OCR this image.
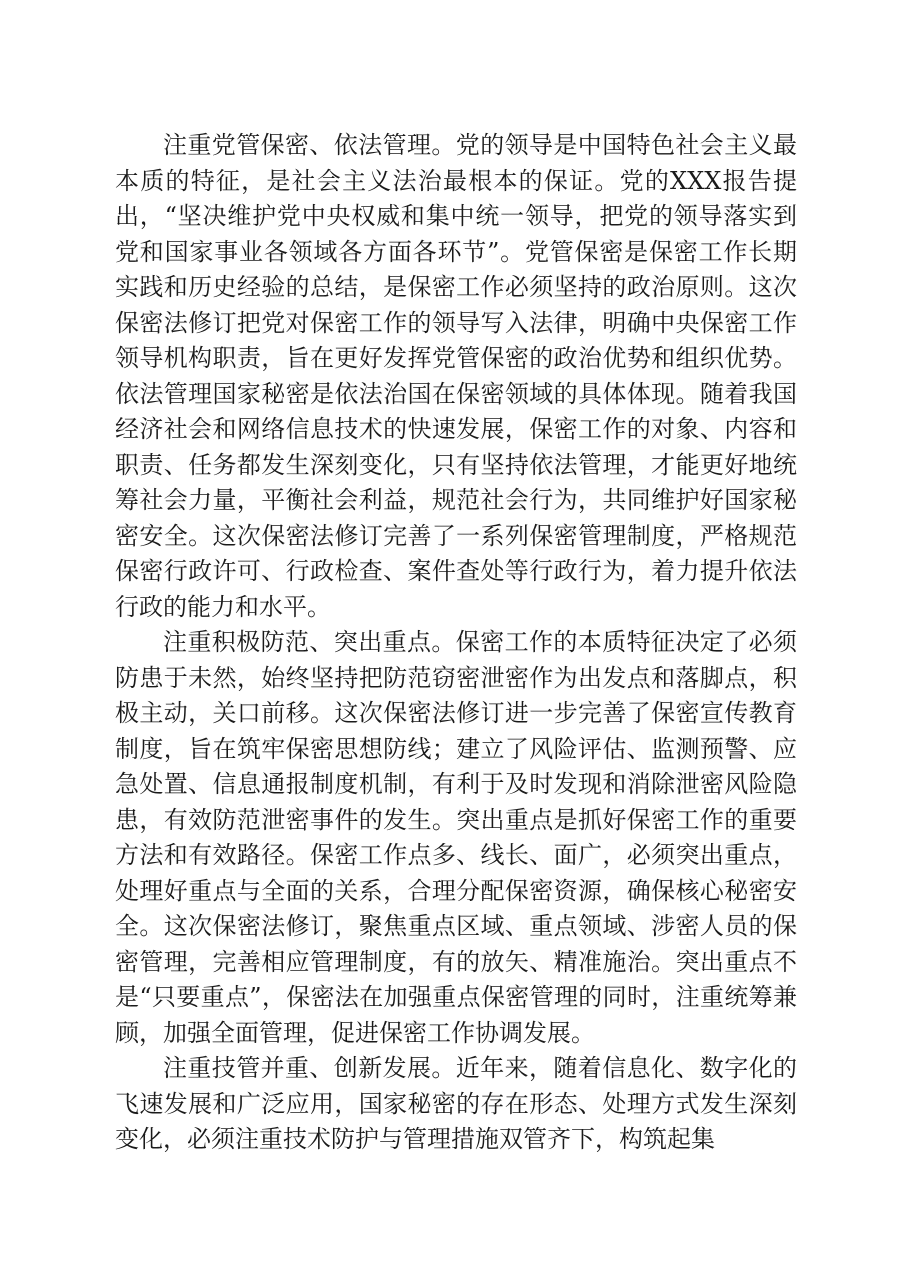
注重党管保密、依法管理。党的领导是中国特色社会主义最本质的特征，是社会主义法治最根本的保证。党的XXX报告提出，“坚决维护党中央权威和集中统一领导，把党的领导落实到党和国家事业各领域各方面各环节”。党管保密是保密工作长期实践和历史经验的总结，是保密工作必须坚持的政治原则。这次保密法修订把党对保密工作的领导写入法律，明确中央保密工作领导机构职责，旨在更好发挥党管保密的政治优势和组织优势。依法管理国家秘密是依法治国在保密领域的具体体现。随着我国经济社会和网络信息技术的快速发展，保密工作的对象、内容和职责、任务都发生深刻变化，只有坚持依法管理，才能更好地统筹社会力量，平衡社会利益，规范社会行为，共同维护好国家秘密安全。这次保密法修订完善了一系列保密管理制度，严格规范保密行政许可、行政检查、案件查处等行政行为，着力提升依法行政的能力和水平。

注重积极防范、突出重点。保密工作的本质特征决定了必须防患于未然，始终坚持把防范窃密泄密作为出发点和落脚点，积极主动，关口前移。这次保密法修订进一步完善了保密宣传教育制度，旨在筑牢保密思想防线；建立了风险评估、监测预警、应急处置、信息通报制度机制，有利于及时发现和消除泄密风险隐患，有效防范泄密事件的发生。突出重点是抓好保密工作的重要方法和有效路径。保密工作点多、线长、面广，必须突出重点，处理好重点与全面的关系，合理分配保密资源，确保核心秘密安全。这次保密法修订，聚焦重点区域、重点领域、涉密人员的保密管理，完善相应管理制度，有的放矢、精准施治。突出重点不是“只要重点”，保密法在加强重点保密管理的同时，注重统筹兼顾，加强全面管理，促进保密工作协调发展。

注重技管并重、创新发展。近年来，随着信息化、数字化的飞速发展和广泛应用，国家秘密的存在形态、处理方式发生深刻变化，必须注重技术防护与管理措施双管齐下，构筑起集
